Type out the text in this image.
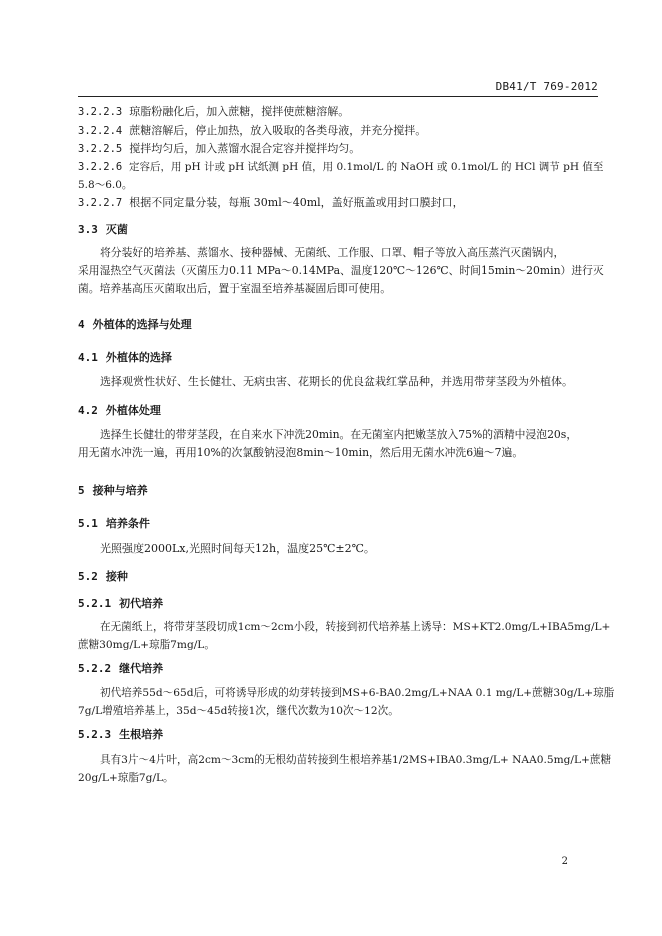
DB41/T 769-2012
3.2.2.3 琼脂粉融化后，加入蔗糖，搅拌使蔗糖溶解。
3.2.2.4 蔗糖溶解后，停止加热，放入吸取的各类母液，并充分搅拌。
3.2.2.5 搅拌均匀后，加入蒸馏水混合定容并搅拌均匀。
3.2.2.6 定容后，用 pH 计或 pH 试纸测 pH 值，用 0.1mol/L 的 NaOH 或 0.1mol/L 的 HCl 调节 pH 值至
5.8～6.0。
3.2.2.7 根据不同定量分装，每瓶 30ml～40ml，盖好瓶盖或用封口膜封口，
3.3 灭菌
将分装好的培养基、蒸馏水、接种器械、无菌纸、工作服、口罩、帽子等放入高压蒸汽灭菌锅内，
采用湿热空气灭菌法（灭菌压力0.11 MPa～0.14MPa、温度120℃～126℃、时间15min～20min）进行灭
菌。培养基高压灭菌取出后，置于室温至培养基凝固后即可使用。
4 外植体的选择与处理
4.1 外植体的选择
选择观赏性状好、生长健壮、无病虫害、花期长的优良盆栽红掌品种，并选用带芽茎段为外植体。
4.2 外植体处理
选择生长健壮的带芽茎段，在自来水下冲洗20min。在无菌室内把嫩茎放入75%的酒精中浸泡20s，
用无菌水冲洗一遍，再用10%的次氯酸钠浸泡8min～10min，然后用无菌水冲洗6遍～7遍。
5 接种与培养
5.1 培养条件
光照强度2000Lx,光照时间每天12h，温度25℃±2℃。
5.2 接种
5.2.1 初代培养
在无菌纸上，将带芽茎段切成1cm～2cm小段，转接到初代培养基上诱导：MS+KT2.0mg/L+IBA5mg/L+
蔗糖30mg/L+琼脂7mg/L。
5.2.2 继代培养
初代培养55d～65d后，可将诱导形成的幼芽转接到MS+6-BA0.2mg/L+NAA 0.1 mg/L+蔗糖30g/L+琼脂
7g/L增殖培养基上，35d～45d转接1次，继代次数为10次～12次。
5.2.3 生根培养
具有3片～4片叶，高2cm～3cm的无根幼苗转接到生根培养基1/2MS+IBA0.3mg/L+ NAA0.5mg/L+蔗糖
20g/L+琼脂7g/L。
2
